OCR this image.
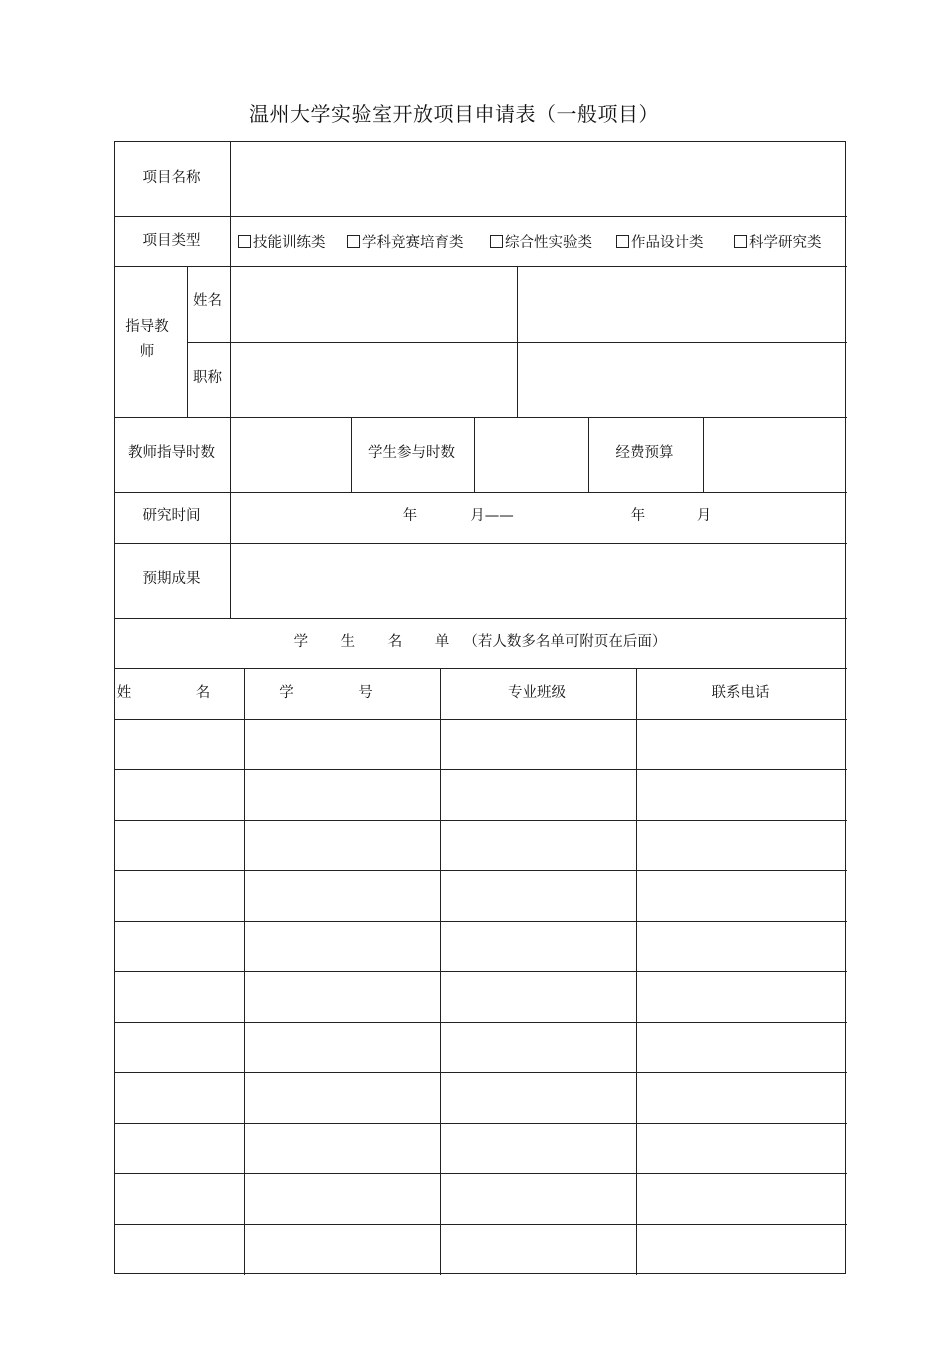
温州大学实验室开放项目申请表（一般项目）
项目名称
项目类型	技能训练类	学科竞赛培育类	综合性实验类	作品设计类	科学研究类
指导教师
姓名
职称
教师指导时数	学生参与时数	经费预算
研究时间	年	月——	年	月
预期成果
学 生 名 单 （若人数多名单可附页在后面）
姓 名	学 号	专业班级	联系电话
